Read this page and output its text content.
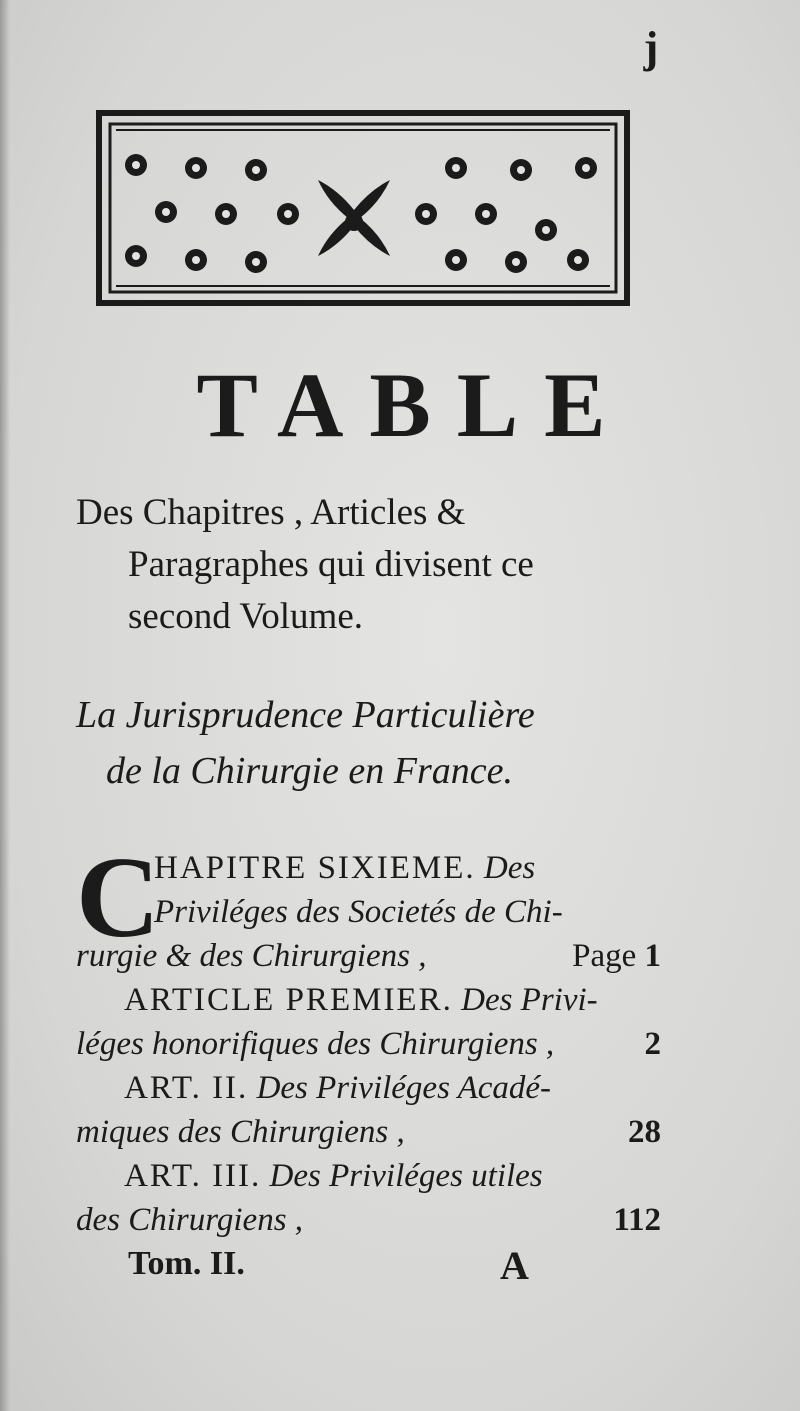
j
TABLE
Des Chapitres , Articles &
Paragraphes qui divisent ce
second Volume.
La Jurisprudence Particulière

de la Chirurgie en France.
C
HAPITRE SIXIEME. Des
Priviléges des Societés de Chi-
rurgie & des Chirurgiens ,	Page 1
ARTICLE PREMIER. Des Privi-
léges honorifiques des Chirurgiens ,	2
ART. II. Des Priviléges Acadé-
miques des Chirurgiens ,	28
ART. III. Des Priviléges utiles
des Chirurgiens ,	112
Tom. II.	A
